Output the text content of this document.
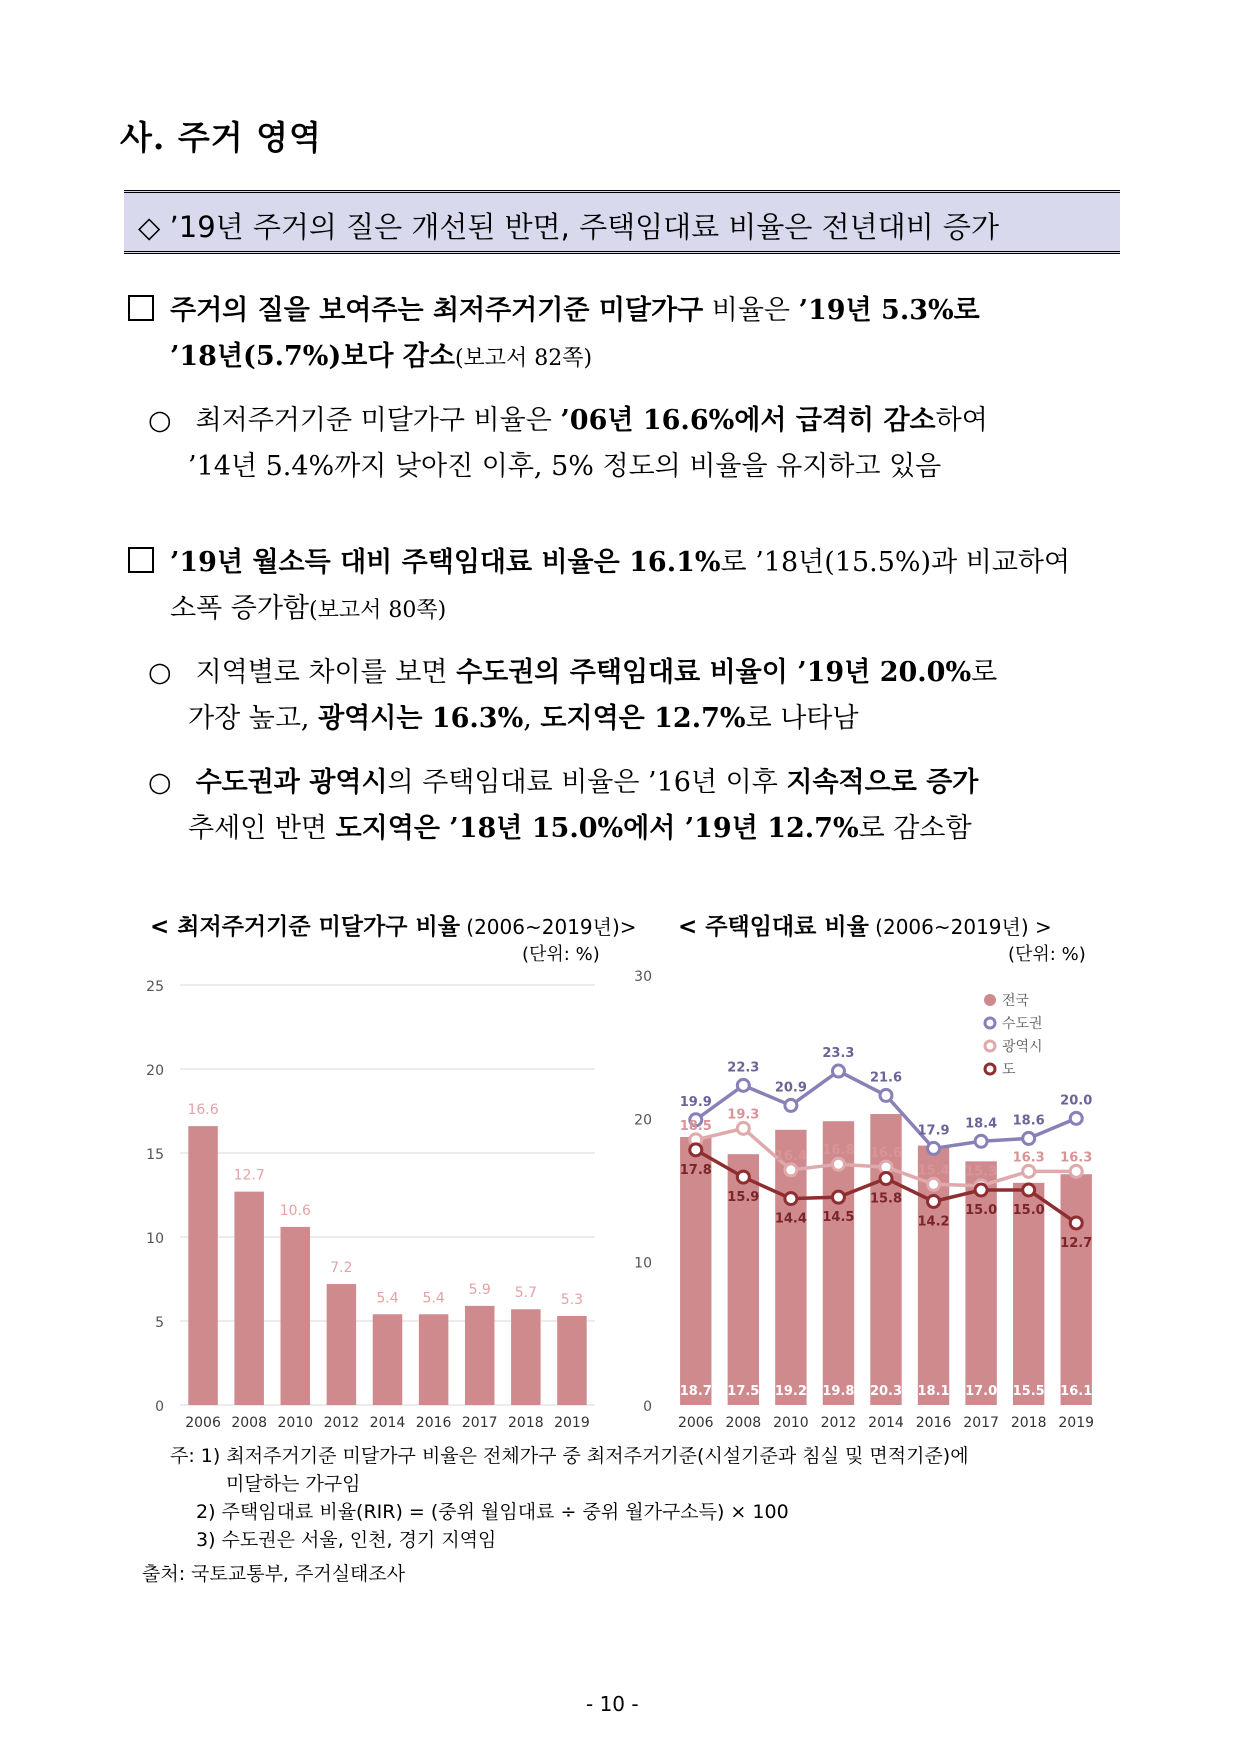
사. 주거 영역
◇ ’19년 주거의 질은 개선된 반면, 주택임대료 비율은 전년대비 증가
주거의 질을 보여주는 최저주거기준 미달가구 비율은 ’19년 5.3%로
’18년(5.7%)보다 감소(보고서 82쪽)
○ 최저주거기준 미달가구 비율은 ’06년 16.6%에서 급격히 감소하여
’14년 5.4%까지 낮아진 이후, 5% 정도의 비율을 유지하고 있음
’19년 월소득 대비 주택임대료 비율은 16.1%로 ’18년(15.5%)과 비교하여
소폭 증가함(보고서 80쪽)
○ 지역별로 차이를 보면 수도권의 주택임대료 비율이 ’19년 20.0%로
가장 높고, 광역시는 16.3%, 도지역은 12.7%로 나타남
○ 수도권과 광역시의 주택임대료 비율은 ’16년 이후 지속적으로 증가
추세인 반면 도지역은 ’18년 15.0%에서 ’19년 12.7%로 감소함
< 최저주거기준 미달가구 비율 (2006~2019년)>
(단위: %)
< 주택임대료 비율 (2006~2019년) >
(단위: %)
0
5
10
15
20
25
16.6
2006
12.7
2008
10.6
2010
7.2
2012
5.4
2014
5.4
2016
5.9
2017
5.7
2018
5.3
2019
0
10
20
30
18.7 17.5 19.2 19.8 20.3 18.1 17.0 15.5 16.1
2006 2008 2010 2012 2014 2016 2017 2018 2019
19.9
22.3
20.9
23.3
21.6
17.9 18.4 18.6
20.0
18.5
19.3
16.4 16.8 16.6
15.4 15.3
16.3 16.3
17.8
15.9
14.4 14.5
15.8
14.2
15.0 15.0
12.7
전국
수도권
광역시
도
주: 1) 최저주거기준 미달가구 비율은 전체가구 중 최저주거기준(시설기준과 침실 및 면적기준)에
미달하는 가구임
2) 주택임대료 비율(RIR) = (중위 월임대료 ÷ 중위 월가구소득) × 100
3) 수도권은 서울, 인천, 경기 지역임
출처: 국토교통부, 주거실태조사
- 10 -
